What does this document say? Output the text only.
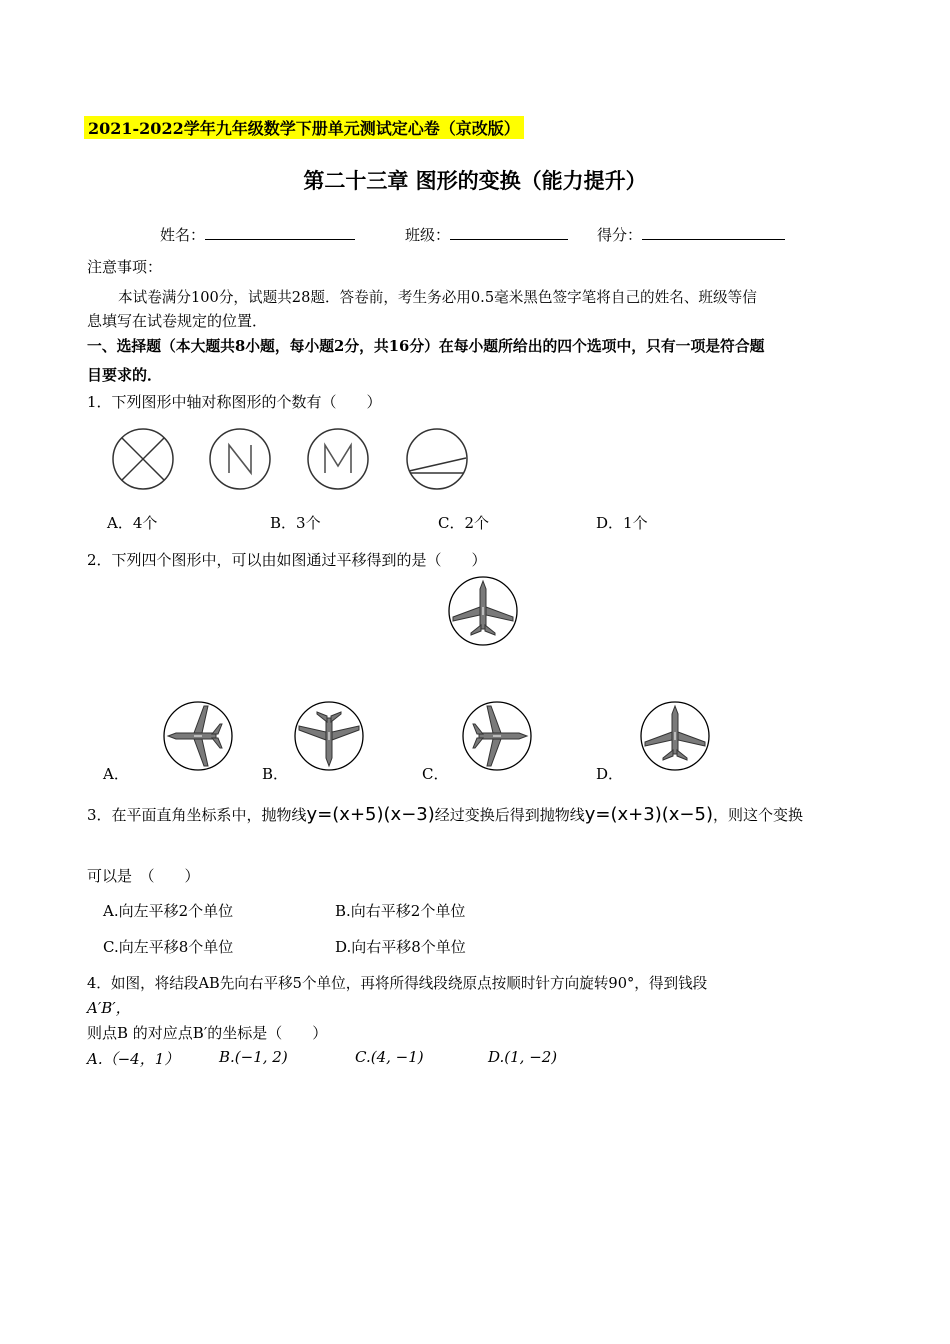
2021-2022学年九年级数学下册单元测试定心卷（京改版）
第二十三章 图形的变换（能力提升）
姓名：	班级：	得分：
注意事项：
本试卷满分100分，试题共28题．答卷前，考生务必用0.5毫米黑色签字笔将自己的姓名、班级等信
息填写在试卷规定的位置．
一、选择题（本大题共8小题，每小题2分，共16分）在每小题所给出的四个选项中，只有一项是符合题
目要求的．
1．下列图形中轴对称图形的个数有（　　）
A．4个	B．3个	C．2个	D．1个
2．下列四个图形中，可以由如图通过平移得到的是（　　）
A．	B．	C．	D．
3．在平面直角坐标系中，抛物线y=(x+5)(x−3)经过变换后得到抛物线y=(x+3)(x−5)，则这个变换
可以是　（　　）
A.向左平移2个单位	B.向右平移2个单位
C.向左平移8个单位	D.向右平移8个单位
4．如图，将结段AB先向右平移5个单位，再将所得线段绕原点按顺时针方向旋转90°，得到钱段
A′B′，
则点B 的对应点B′的坐标是（　　）
A.（−4，1）	B.(−1, 2)	C.(4, −1)	D.(1, −2)
